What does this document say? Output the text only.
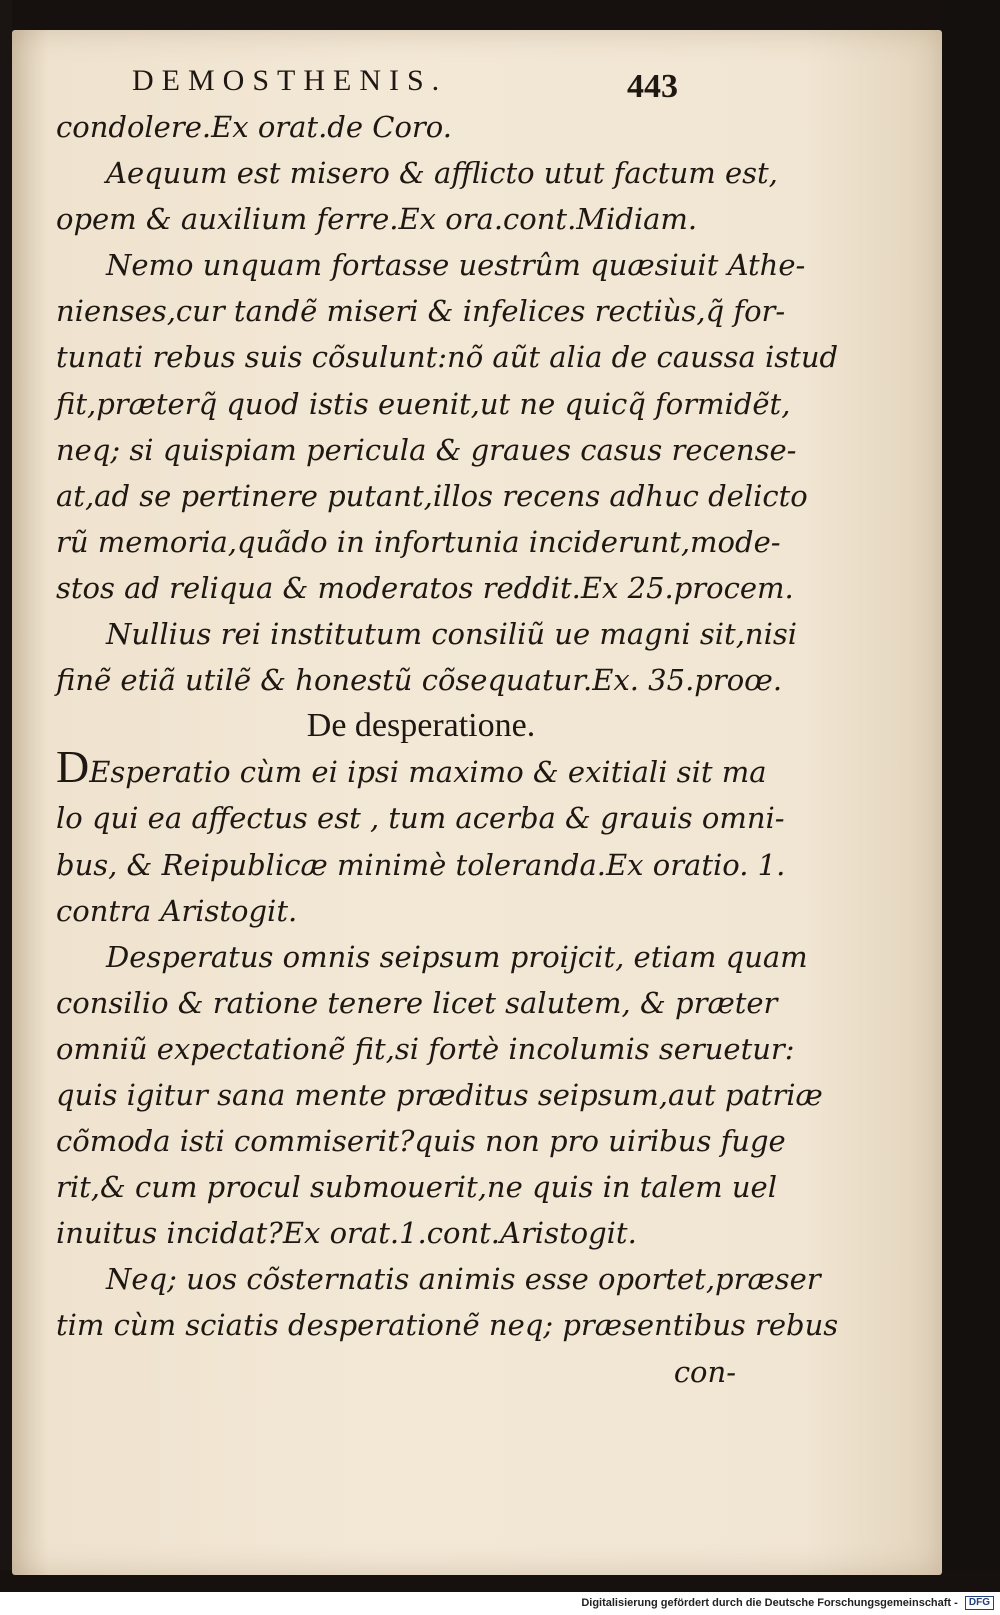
DEMOSTHENIS.	443
condolere.Ex orat.de Coro.
Aequum est misero & afflicto utut factum est,
opem & auxilium ferre.Ex ora.cont.Midiam.
Nemo unquam fortasse uestrûm quæsiuit Athe-
nienses,cur tandẽ miseri & infelices rectiùs,q̃ for-
tunati rebus suis cõsulunt:nõ aũt alia de caussa istud
fit,præterq̃ quod istis euenit,ut ne quicq̃ formidẽt,
neq; si quispiam pericula & graues casus recense-
at,ad se pertinere putant,illos recens adhuc delicto
rũ memoria,quãdo in infortunia inciderunt,mode-
stos ad reliqua & moderatos reddit.Ex 25.procem.
Nullius rei institutum consiliũ ue magni sit,nisi
finẽ etiã utilẽ & honestũ cõsequatur.Ex. 35.proœ.
De desperatione.
DEsperatio cùm ei ipsi maximo & exitiali sit ma
lo qui ea affectus est , tum acerba & grauis omni-
bus, & Reipublicæ minimè toleranda.Ex oratio. 1.
contra Aristogit.
Desperatus omnis seipsum proijcit, etiam quam
consilio & ratione tenere licet salutem, & præter
omniũ expectationẽ fit,si fortè incolumis seruetur:
quis igitur sana mente præditus seipsum,aut patriæ
cõmoda isti commiserit?quis non pro uiribus fuge
rit,& cum procul submouerit,ne quis in talem uel
inuitus incidat?Ex orat.1.cont.Aristogit.
Neq; uos cõsternatis animis esse oportet,præser
tim cùm sciatis desperationẽ neq; præsentibus rebus
con-
Digitalisierung gefördert durch die Deutsche Forschungsgemeinschaft - DFG
